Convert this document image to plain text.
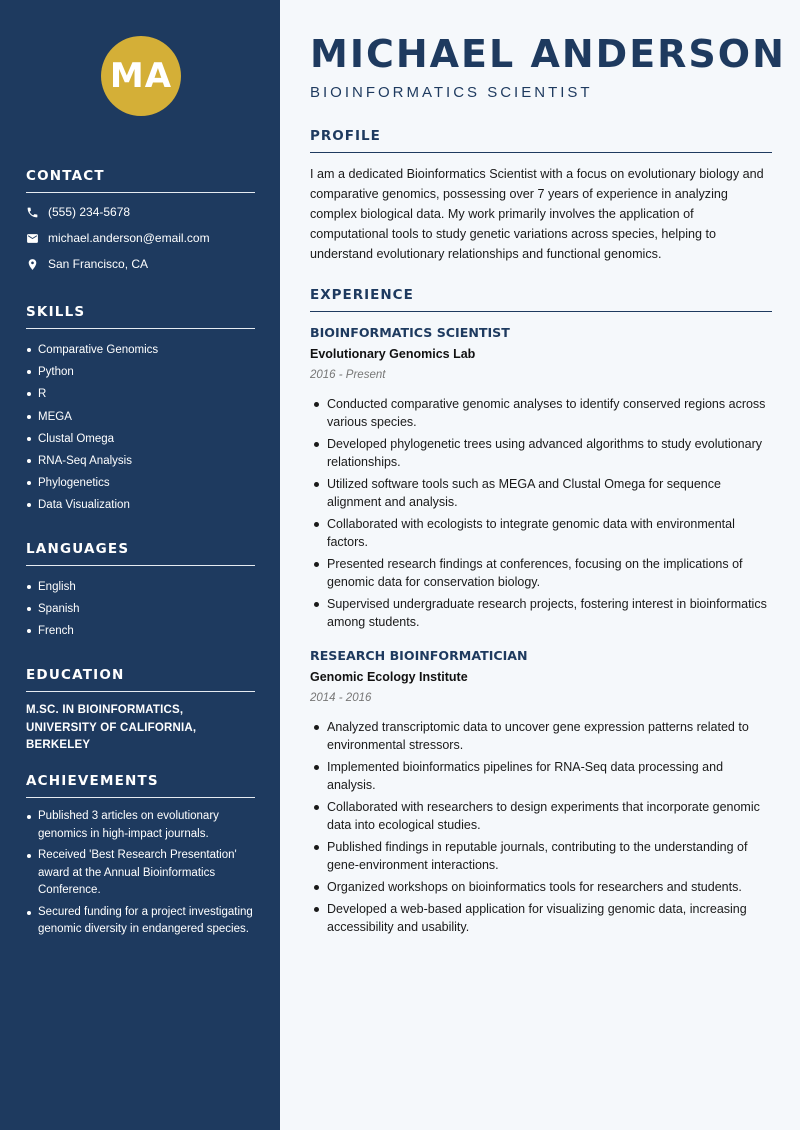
MA
CONTACT
(555) 234-5678
michael.anderson@email.com
San Francisco, CA
SKILLS
Comparative Genomics
Python
R
MEGA
Clustal Omega
RNA-Seq Analysis
Phylogenetics
Data Visualization
LANGUAGES
English
Spanish
French
EDUCATION
M.SC. IN BIOINFORMATICS, UNIVERSITY OF CALIFORNIA, BERKELEY
ACHIEVEMENTS
Published 3 articles on evolutionary genomics in high-impact journals.
Received 'Best Research Presentation' award at the Annual Bioinformatics Conference.
Secured funding for a project investigating genomic diversity in endangered species.
MICHAEL ANDERSON
BIOINFORMATICS SCIENTIST
PROFILE
I am a dedicated Bioinformatics Scientist with a focus on evolutionary biology and comparative genomics, possessing over 7 years of experience in analyzing complex biological data. My work primarily involves the application of computational tools to study genetic variations across species, helping to understand evolutionary relationships and functional genomics.
EXPERIENCE
BIOINFORMATICS SCIENTIST
Evolutionary Genomics Lab
2016 - Present
Conducted comparative genomic analyses to identify conserved regions across various species.
Developed phylogenetic trees using advanced algorithms to study evolutionary relationships.
Utilized software tools such as MEGA and Clustal Omega for sequence alignment and analysis.
Collaborated with ecologists to integrate genomic data with environmental factors.
Presented research findings at conferences, focusing on the implications of genomic data for conservation biology.
Supervised undergraduate research projects, fostering interest in bioinformatics among students.
RESEARCH BIOINFORMATICIAN
Genomic Ecology Institute
2014 - 2016
Analyzed transcriptomic data to uncover gene expression patterns related to environmental stressors.
Implemented bioinformatics pipelines for RNA-Seq data processing and analysis.
Collaborated with researchers to design experiments that incorporate genomic data into ecological studies.
Published findings in reputable journals, contributing to the understanding of gene-environment interactions.
Organized workshops on bioinformatics tools for researchers and students.
Developed a web-based application for visualizing genomic data, increasing accessibility and usability.
